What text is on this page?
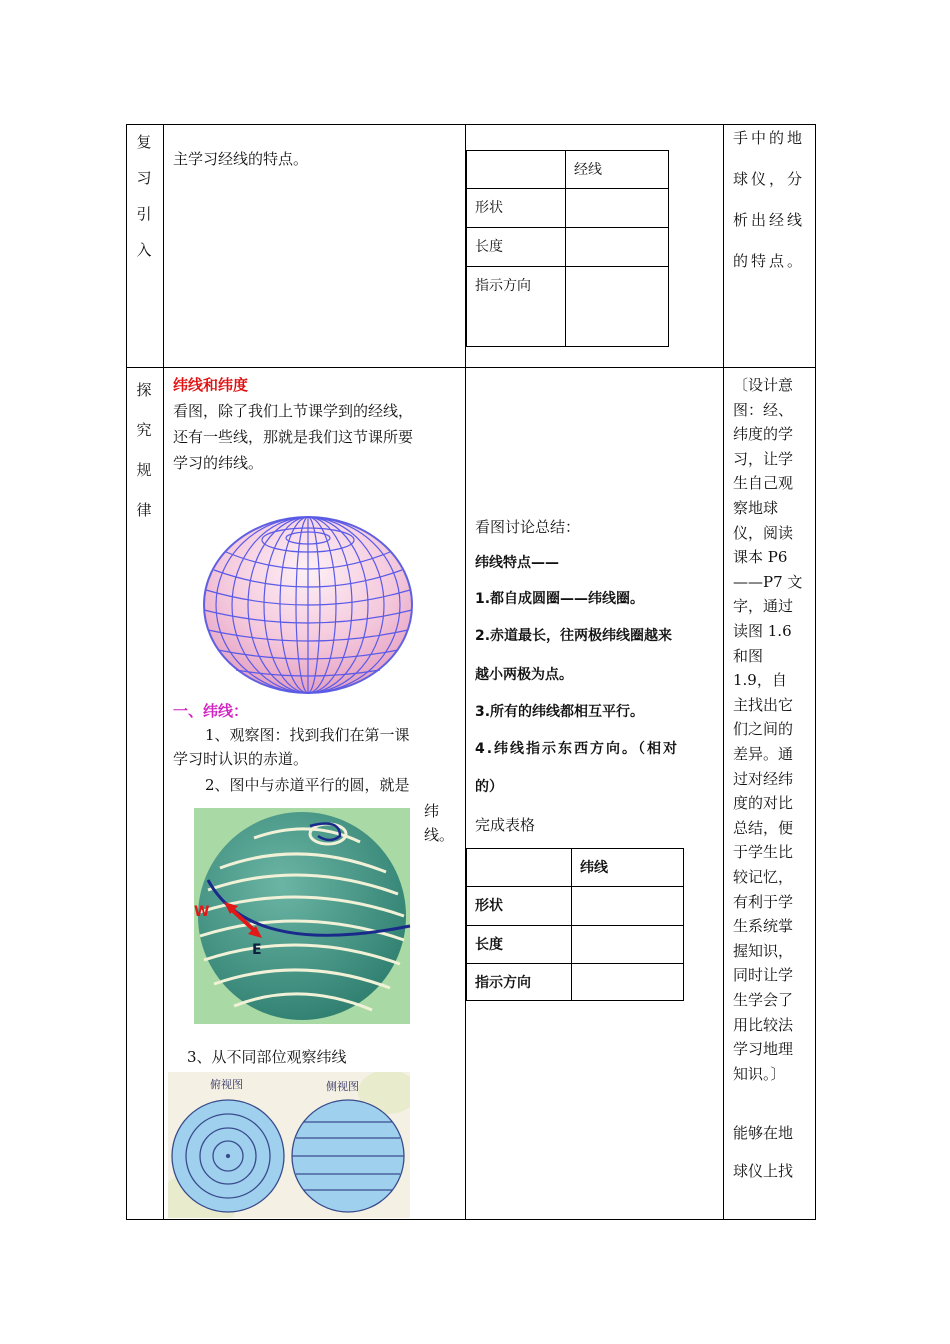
复
习
引
入
主学习经线的特点。
	经线
形状	
长度	
指示方向	
手中的地
球仪，分
析出经线
的特点。
探
究
规
律
纬线和纬度
看图，除了我们上节课学到的经线，
还有一些线，那就是我们这节课所要
学习的纬线。
一、纬线：
1、观察图：找到我们在第一课
学习时认识的赤道。
2、图中与赤道平行的圆，就是
纬
线。
W
E
3、从不同部位观察纬线
俯视图	侧视图
看图讨论总结：
纬线特点——
1.都自成圆圈——纬线圈。
2.赤道最长，往两极纬线圈越来
越小两极为点。
3.所有的纬线都相互平行。
4.纬线指示东西方向。（相对
的）
完成表格
	纬线
形状	
长度	
指示方向	
〔设计意
图：经、
纬度的学
习，让学
生自己观
察地球
仪，阅读
课本 P6
——P7 文
字，通过
读图 1.6
和图
1.9，自
主找出它
们之间的
差异。通
过对经纬
度的对比
总结，便
于学生比
较记忆，
有利于学
生系统掌
握知识，
同时让学
生学会了
用比较法
学习地理
知识。〕
能够在地
球仪上找
